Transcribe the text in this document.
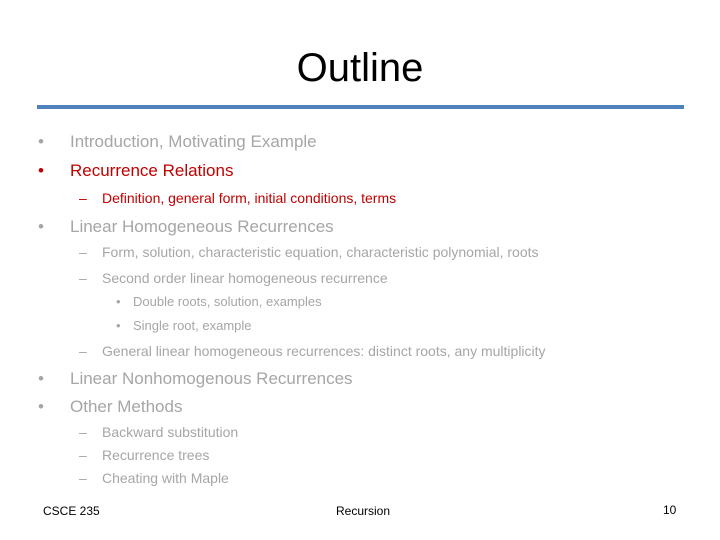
Outline
• Introduction, Motivating Example
• Recurrence Relations
– Definition, general form, initial conditions, terms
• Linear Homogeneous Recurrences
– Form, solution, characteristic equation, characteristic polynomial, roots
– Second order linear homogeneous recurrence
• Double roots, solution, examples
• Single root, example
– General linear homogeneous recurrences: distinct roots, any multiplicity
• Linear Nonhomogenous Recurrences
• Other Methods
– Backward substitution
– Recurrence trees
– Cheating with Maple
CSCE 235	Recursion	10
